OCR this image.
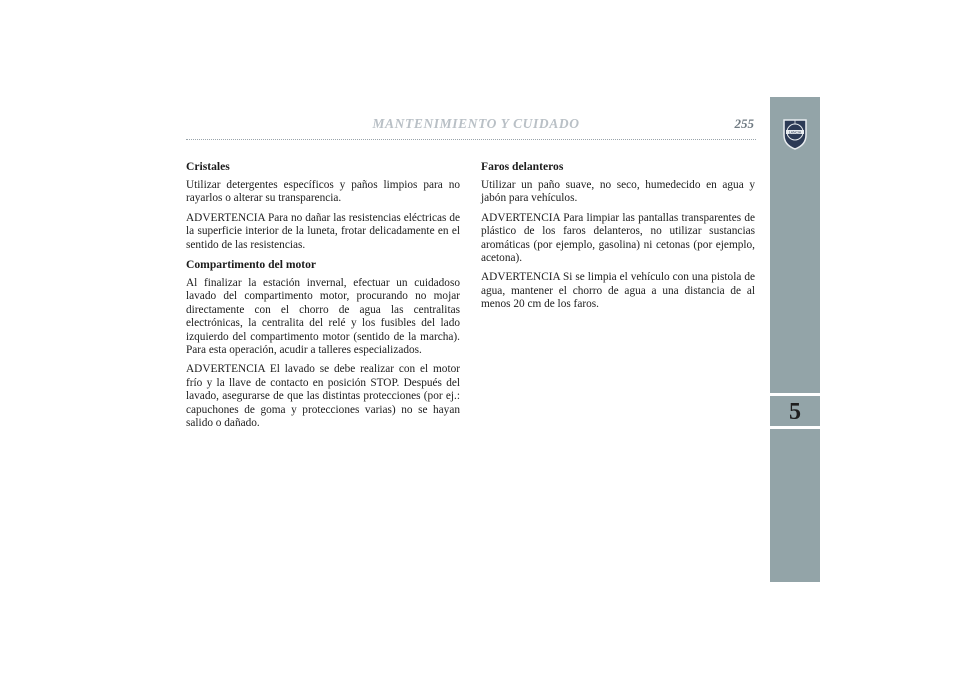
MANTENIMIENTO Y CUIDADO	255
5
LANCIA
Cristales

Utilizar detergentes específicos y paños limpios para no rayarlos o alterar su transparencia.

ADVERTENCIA Para no dañar las resistencias eléctricas de la superficie interior de la luneta, frotar delicadamente en el sentido de las resistencias.

Compartimento del motor

Al finalizar la estación invernal, efectuar un cuidadoso lavado del compartimento motor, procurando no mojar directamente con el chorro de agua las centralitas electrónicas, la centralita del relé y los fusibles del lado izquierdo del compartimento motor (sentido de la marcha). Para esta operación, acudir a talleres especializados.

ADVERTENCIA El lavado se debe realizar con el motor frío y la llave de contacto en posición STOP. Después del lavado, asegurarse de que las distintas protecciones (por ej.: capuchones de goma y protecciones varias) no se hayan salido o dañado.

Faros delanteros

Utilizar un paño suave, no seco, humedecido en agua y jabón para vehículos.

ADVERTENCIA Para limpiar las pantallas transparentes de plástico de los faros delanteros, no utilizar sustancias aromáticas (por ejemplo, gasolina) ni cetonas (por ejemplo, acetona).

ADVERTENCIA Si se limpia el vehículo con una pistola de agua, mantener el chorro de agua a una distancia de al menos 20 cm de los faros.
